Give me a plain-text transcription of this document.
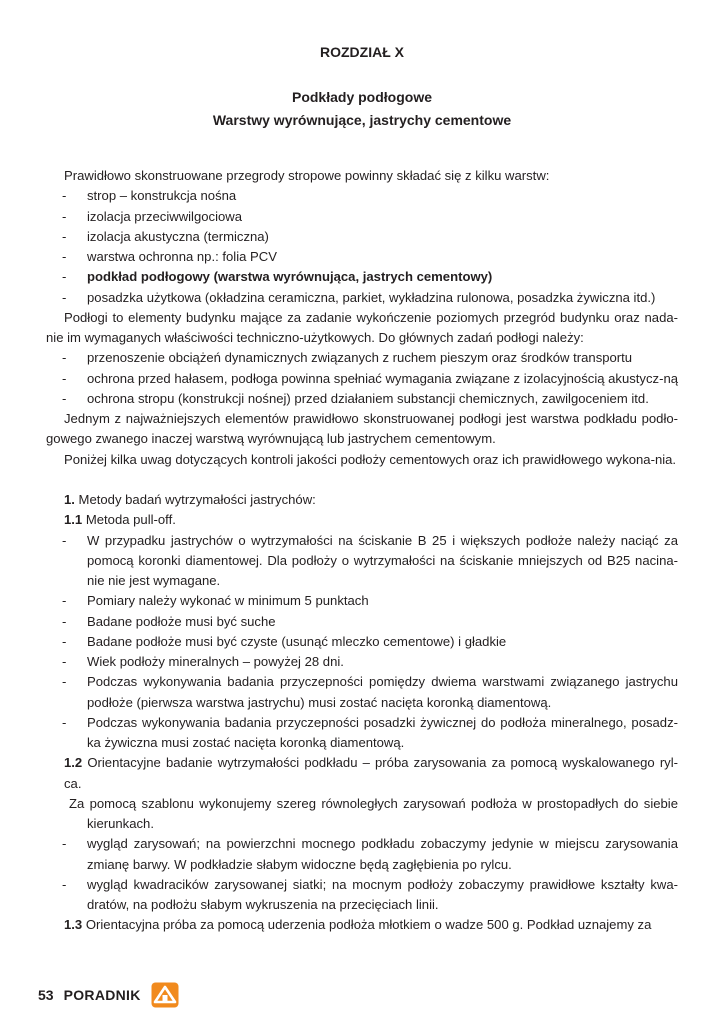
ROZDZIAŁ X
Podkłady podłogowe
Warstwy wyrównujące, jastrychy cementowe

Prawidłowo skonstruowane przegrody stropowe powinny składać się z kilku warstw:

- strop – konstrukcja nośna
- izolacja przeciwwilgociowa
- izolacja akustyczna (termiczna)
- warstwa ochronna np.: folia PCV
- podkład podłogowy (warstwa wyrównująca, jastrych cementowy)
- posadzka użytkowa (okładzina ceramiczna, parkiet, wykładzina rulonowa, posadzka żywiczna itd.)

Podłogi to elementy budynku mające za zadanie wykończenie poziomych przegród budynku oraz nada-nie im wymaganych właściwości techniczno-użytkowych. Do głównych zadań podłogi należy:

- przenoszenie obciążeń dynamicznych związanych z ruchem pieszym oraz środków transportu
- ochrona przed hałasem, podłoga powinna spełniać wymagania związane z izolacyjnością akustycz-ną
- ochrona stropu (konstrukcji nośnej) przed działaniem substancji chemicznych, zawilgoceniem itd.

Jednym z najważniejszych elementów prawidłowo skonstruowanej podłogi jest warstwa podkładu podło-gowego zwanego inaczej warstwą wyrównującą lub jastrychem cementowym.

Poniżej kilka uwag dotyczących kontroli jakości podłoży cementowych oraz ich prawidłowego wykona-nia.

1. Metody badań wytrzymałości jastrychów:

1.1 Metoda pull-off.

- W przypadku jastrychów o wytrzymałości na ściskanie B 25 i większych podłoże należy naciąć za pomocą koronki diamentowej. Dla podłoży o wytrzymałości na ściskanie mniejszych od B25 nacina-nie nie jest wymagane.
- Pomiary należy wykonać w minimum 5 punktach
- Badane podłoże musi być suche
- Badane podłoże musi być czyste (usunąć mleczko cementowe) i gładkie
- Wiek podłoży mineralnych – powyżej 28 dni.
- Podczas wykonywania badania przyczepności pomiędzy dwiema warstwami związanego jastrychu podłoże (pierwsza warstwa jastrychu) musi zostać nacięta koronką diamentową.
- Podczas wykonywania badania przyczepności posadzki żywicznej do podłoża mineralnego, posadz-ka żywiczna musi zostać nacięta koronką diamentową.

1.2 Orientacyjne badanie wytrzymałości podkładu – próba zarysowania za pomocą wyskalowanego ryl-ca.

Za pomocą szablonu wykonujemy szereg równoległych zarysowań podłoża w prostopadłych do siebie kierunkach.

- wygląd zarysowań; na powierzchni mocnego podkładu zobaczymy jedynie w miejscu zarysowania zmianę barwy. W podkładzie słabym widoczne będą zagłębienia po rylcu.
- wygląd kwadracików zarysowanej siatki; na mocnym podłoży zobaczymy prawidłowe kształty kwa-dratów, na podłożu słabym wykruszenia na przecięciach linii.

1.3 Orientacyjna próba za pomocą uderzenia podłoża młotkiem o wadze 500 g. Podkład uznajemy za

53 PORADNIK
